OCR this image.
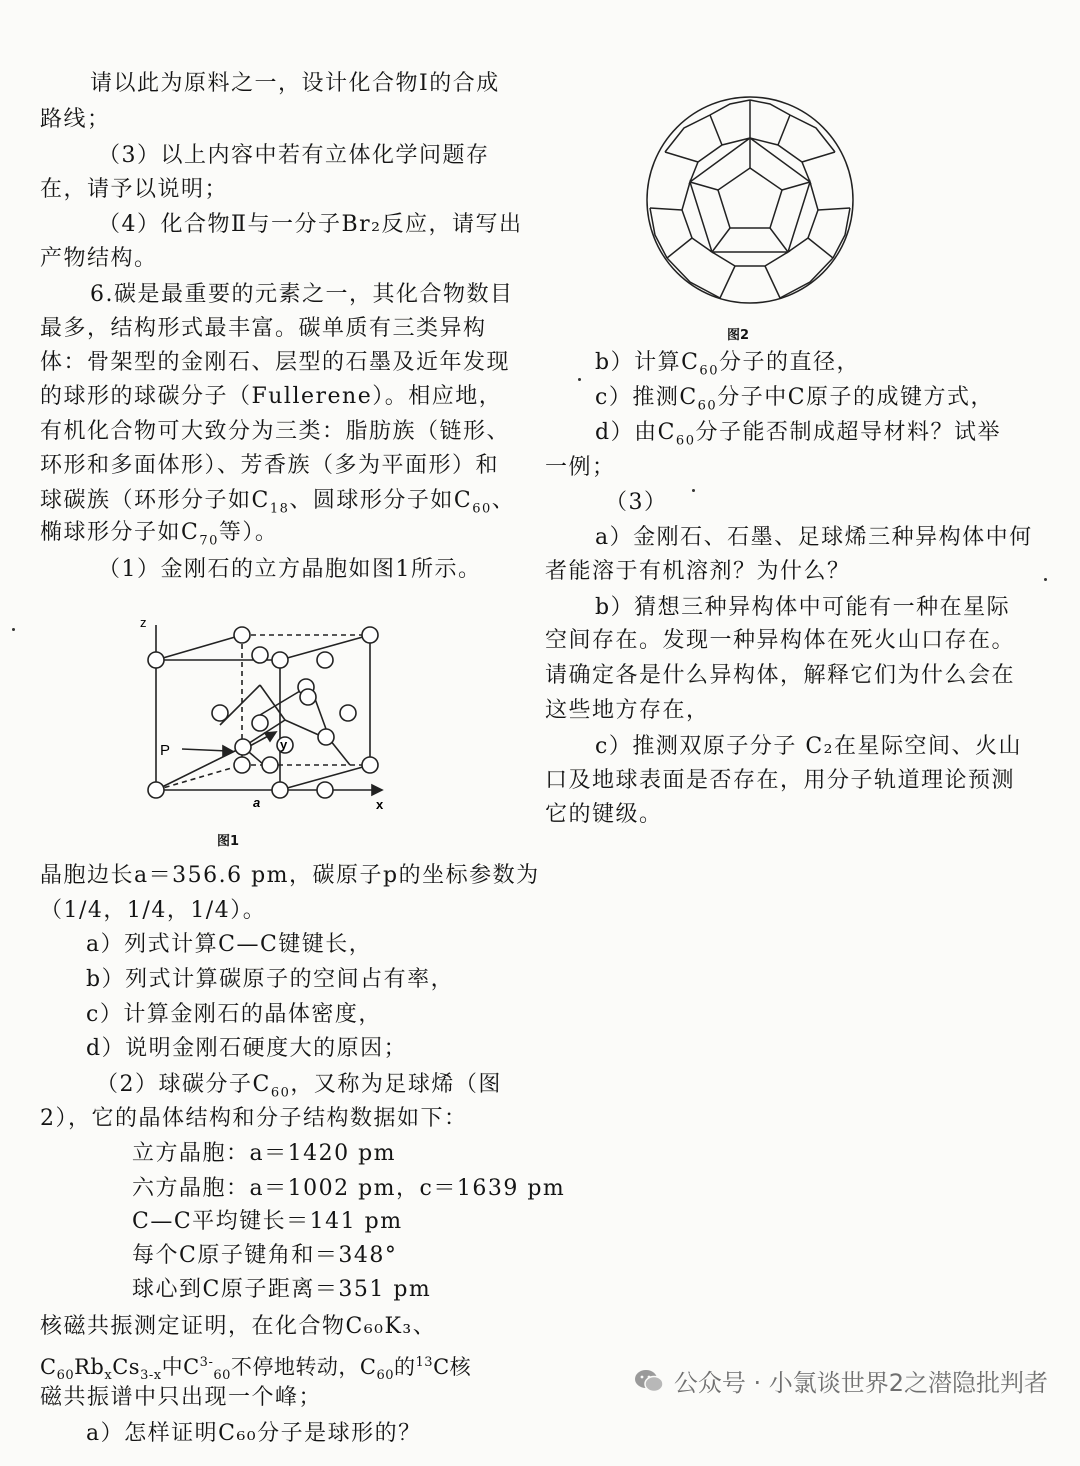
请以此为原料之一，设计化合物Ⅰ的合成
路线；
（3）以上内容中若有立体化学问题存
在，请予以说明；
（4）化合物Ⅱ与一分子Br₂反应，请写出
产物结构。
6.碳是最重要的元素之一，其化合物数目
最多，结构形式最丰富。碳单质有三类异构
体：骨架型的金刚石、层型的石墨及近年发现
的球形的球碳分子（Fullerene）。相应地，
有机化合物可大致分为三类：脂肪族（链形、
环形和多面体形）、芳香族（多为平面形）和
球碳族（环形分子如$C_{18}$、圆球形分子如$C_{60}$、
椭球形分子如$C_{70}$等）。
（1）金刚石的立方晶胞如图1所示。
z
P	y
a	x
图1
晶胞边长a＝356.6 pm，碳原子p的坐标参数为
（1/4，1/4，1/4）。
a）列式计算C—C键键长，
b）列式计算碳原子的空间占有率，
c）计算金刚石的晶体密度，
d）说明金刚石硬度大的原因；
（2）球碳分子$C_{60}$，又称为足球烯（图
2），它的晶体结构和分子结构数据如下：
立方晶胞：a＝1420 pm
六方晶胞：a＝1002 pm，c＝1639 pm
C—C平均键长＝141 pm
每个C原子键角和＝348°
球心到C原子距离＝351 pm
核磁共振测定证明，在化合物C₆₀K₃、
$C_{60}Rb_xCs_{3-x}$中$C^{3-}_{60}$不停地转动，$C_{60}$的$^{13}$C核
磁共振谱中只出现一个峰；
a）怎样证明C₆₀分子是球形的？
图2
b）计算$C_{60}$分子的直径，
c）推测$C_{60}$分子中C原子的成键方式，
d）由$C_{60}$分子能否制成超导材料？试举
一例；
（3）
a）金刚石、石墨、足球烯三种异构体中何
者能溶于有机溶剂？为什么？
b）猜想三种异构体中可能有一种在星际
空间存在。发现一种异构体在死火山口存在。
请确定各是什么异构体，解释它们为什么会在
这些地方存在，
c）推测双原子分子 C₂在星际空间、火山
口及地球表面是否存在，用分子轨道理论预测
它的键级。
公众号 · 小氯谈世界2之潜隐批判者
